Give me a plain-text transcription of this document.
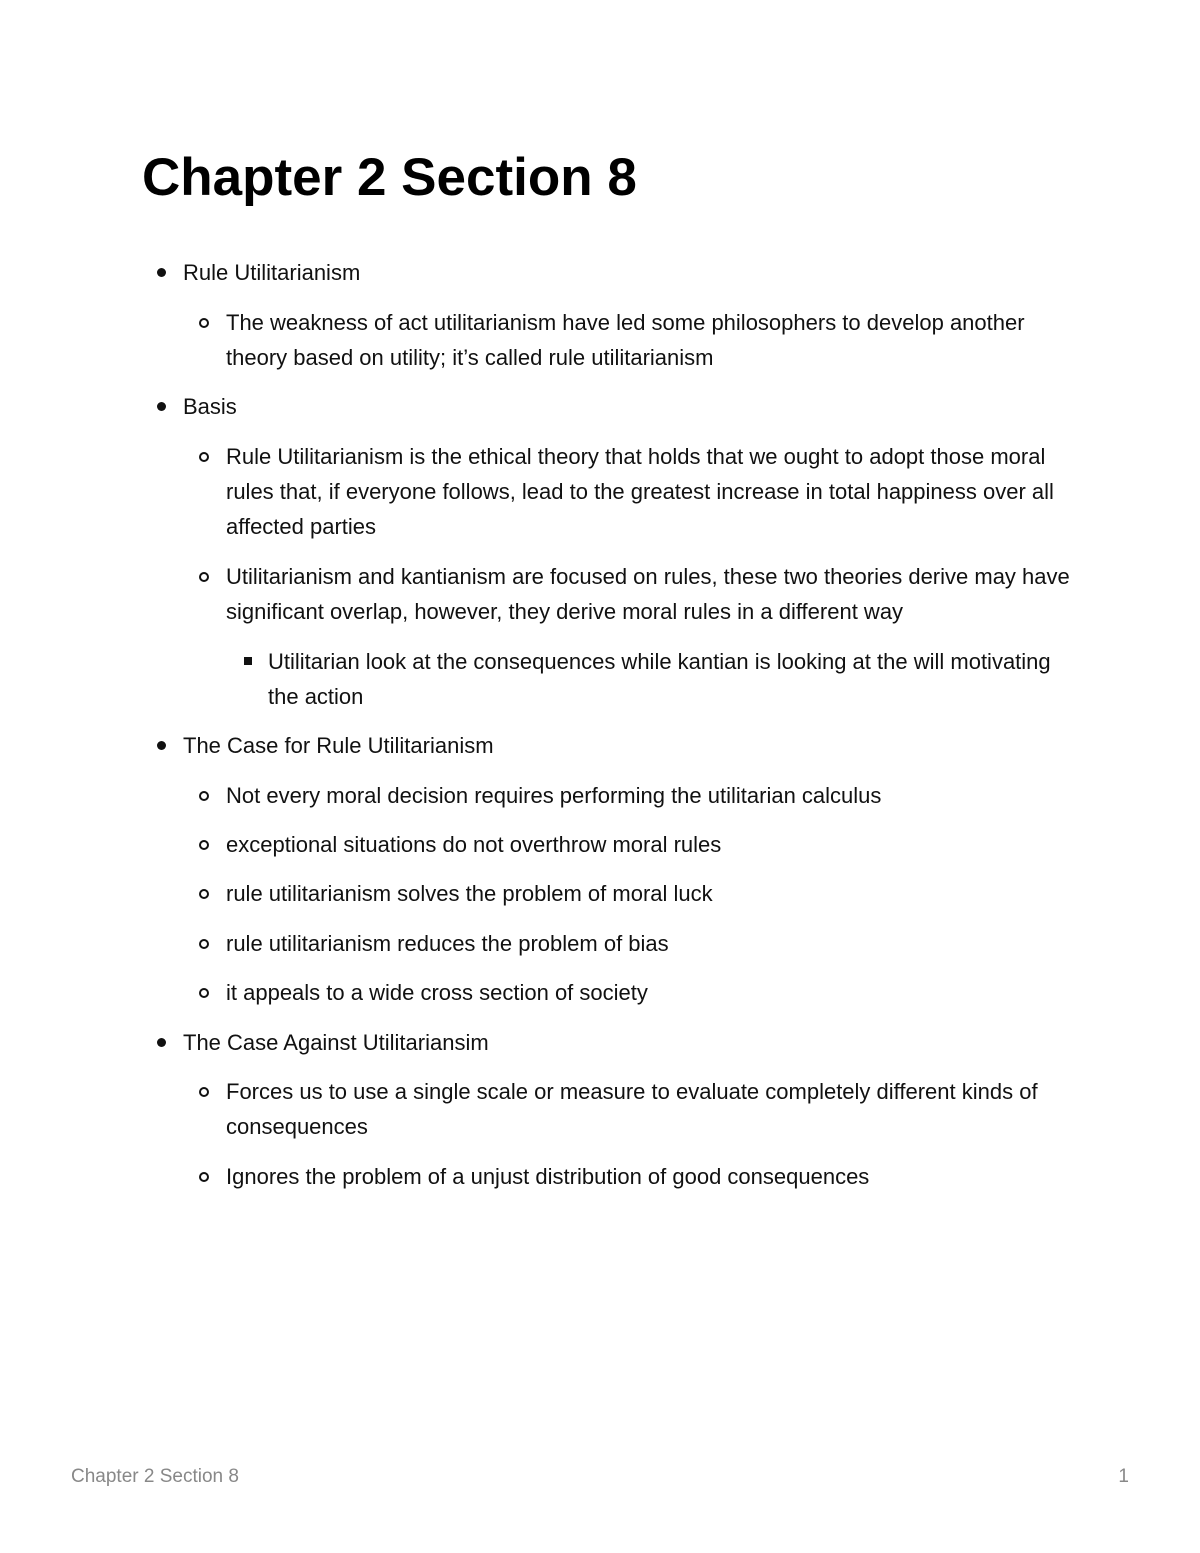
Chapter 2 Section 8
Rule Utilitarianism
The weakness of act utilitarianism have led some philosophers to develop another theory based on utility; it’s called rule utilitarianism
Basis
Rule Utilitarianism is the ethical theory that holds that we ought to adopt those moral rules that, if everyone follows, lead to the greatest increase in total happiness over all affected parties
Utilitarianism and kantianism are focused on rules, these two theories derive may have significant overlap, however, they derive moral rules in a different way
Utilitarian look at the consequences while kantian is looking at the will motivating the action
The Case for Rule Utilitarianism
Not every moral decision requires performing the utilitarian calculus
exceptional situations do not overthrow moral rules
rule utilitarianism solves the problem of moral luck
rule utilitarianism reduces the problem of bias
it appeals to a wide cross section of society
The Case Against Utilitariansim
Forces us to use a single scale or measure to evaluate completely different kinds of consequences
Ignores the problem of a unjust distribution of good consequences
Chapter 2 Section 8	1
